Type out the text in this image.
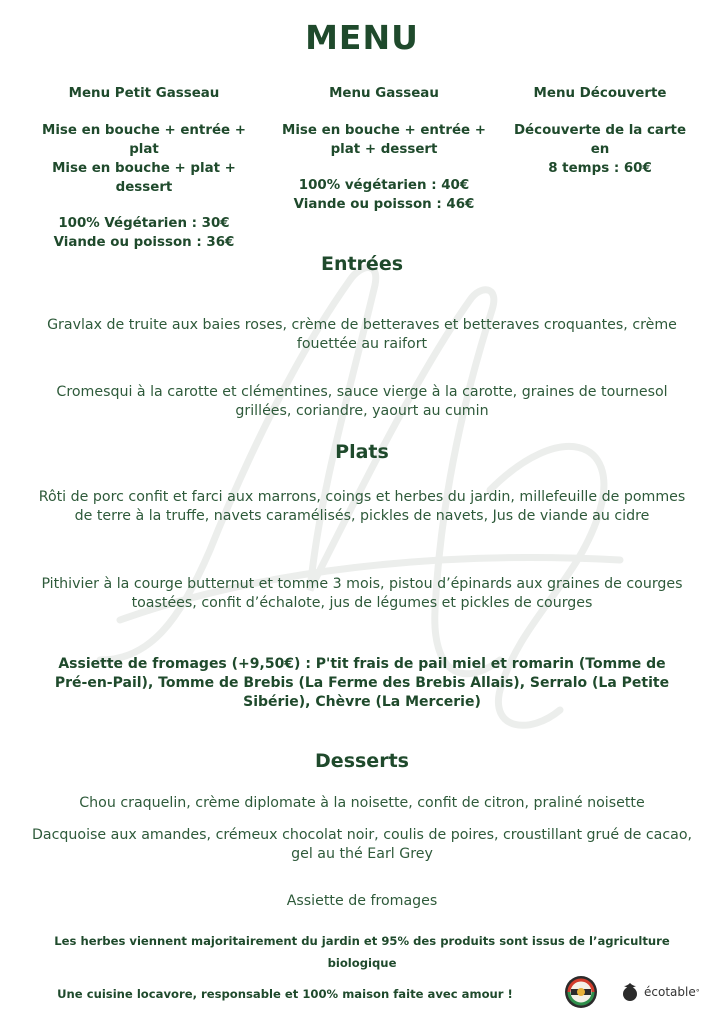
MENU
Menu Petit Gasseau
Mise en bouche + entrée + plat
Mise en bouche + plat + dessert
100% Végétarien : 30€
Viande ou poisson : 36€
Menu Gasseau
Mise en bouche + entrée +
plat + dessert
100% végétarien : 40€
Viande ou poisson : 46€
Menu Découverte
Découverte de la carte
en
8 temps : 60€
Entrées
Gravlax de truite aux baies roses, crème de betteraves et betteraves croquantes, crème fouettée au raifort
Cromesqui à la carotte et clémentines, sauce vierge à la carotte, graines de tournesol grillées, coriandre, yaourt au cumin
Plats
Rôti de porc confit et farci aux marrons, coings et herbes du jardin, millefeuille de pommes de terre à la truffe, navets caramélisés, pickles de navets, Jus de viande au cidre
Pithivier à la courge butternut et tomme 3 mois, pistou d’épinards aux graines de courges toastées, confit d’échalote, jus de légumes et pickles de courges
Assiette de fromages (+9,50€) : P'tit frais de pail miel et romarin (Tomme de Pré-en-Pail), Tomme de Brebis (La Ferme des Brebis Allais), Serralo (La Petite Sibérie), Chèvre (La Mercerie)
Desserts
Chou craquelin, crème diplomate à la noisette, confit de citron, praliné noisette
Dacquoise aux amandes, crémeux chocolat noir, coulis de poires, croustillant grué de cacao, gel au thé Earl Grey
Assiette de fromages
Les herbes viennent majoritairement du jardin et 95% des produits sont issus de l’agriculture biologique
Une cuisine locavore, responsable et 100% maison faite avec amour !	écotable °
